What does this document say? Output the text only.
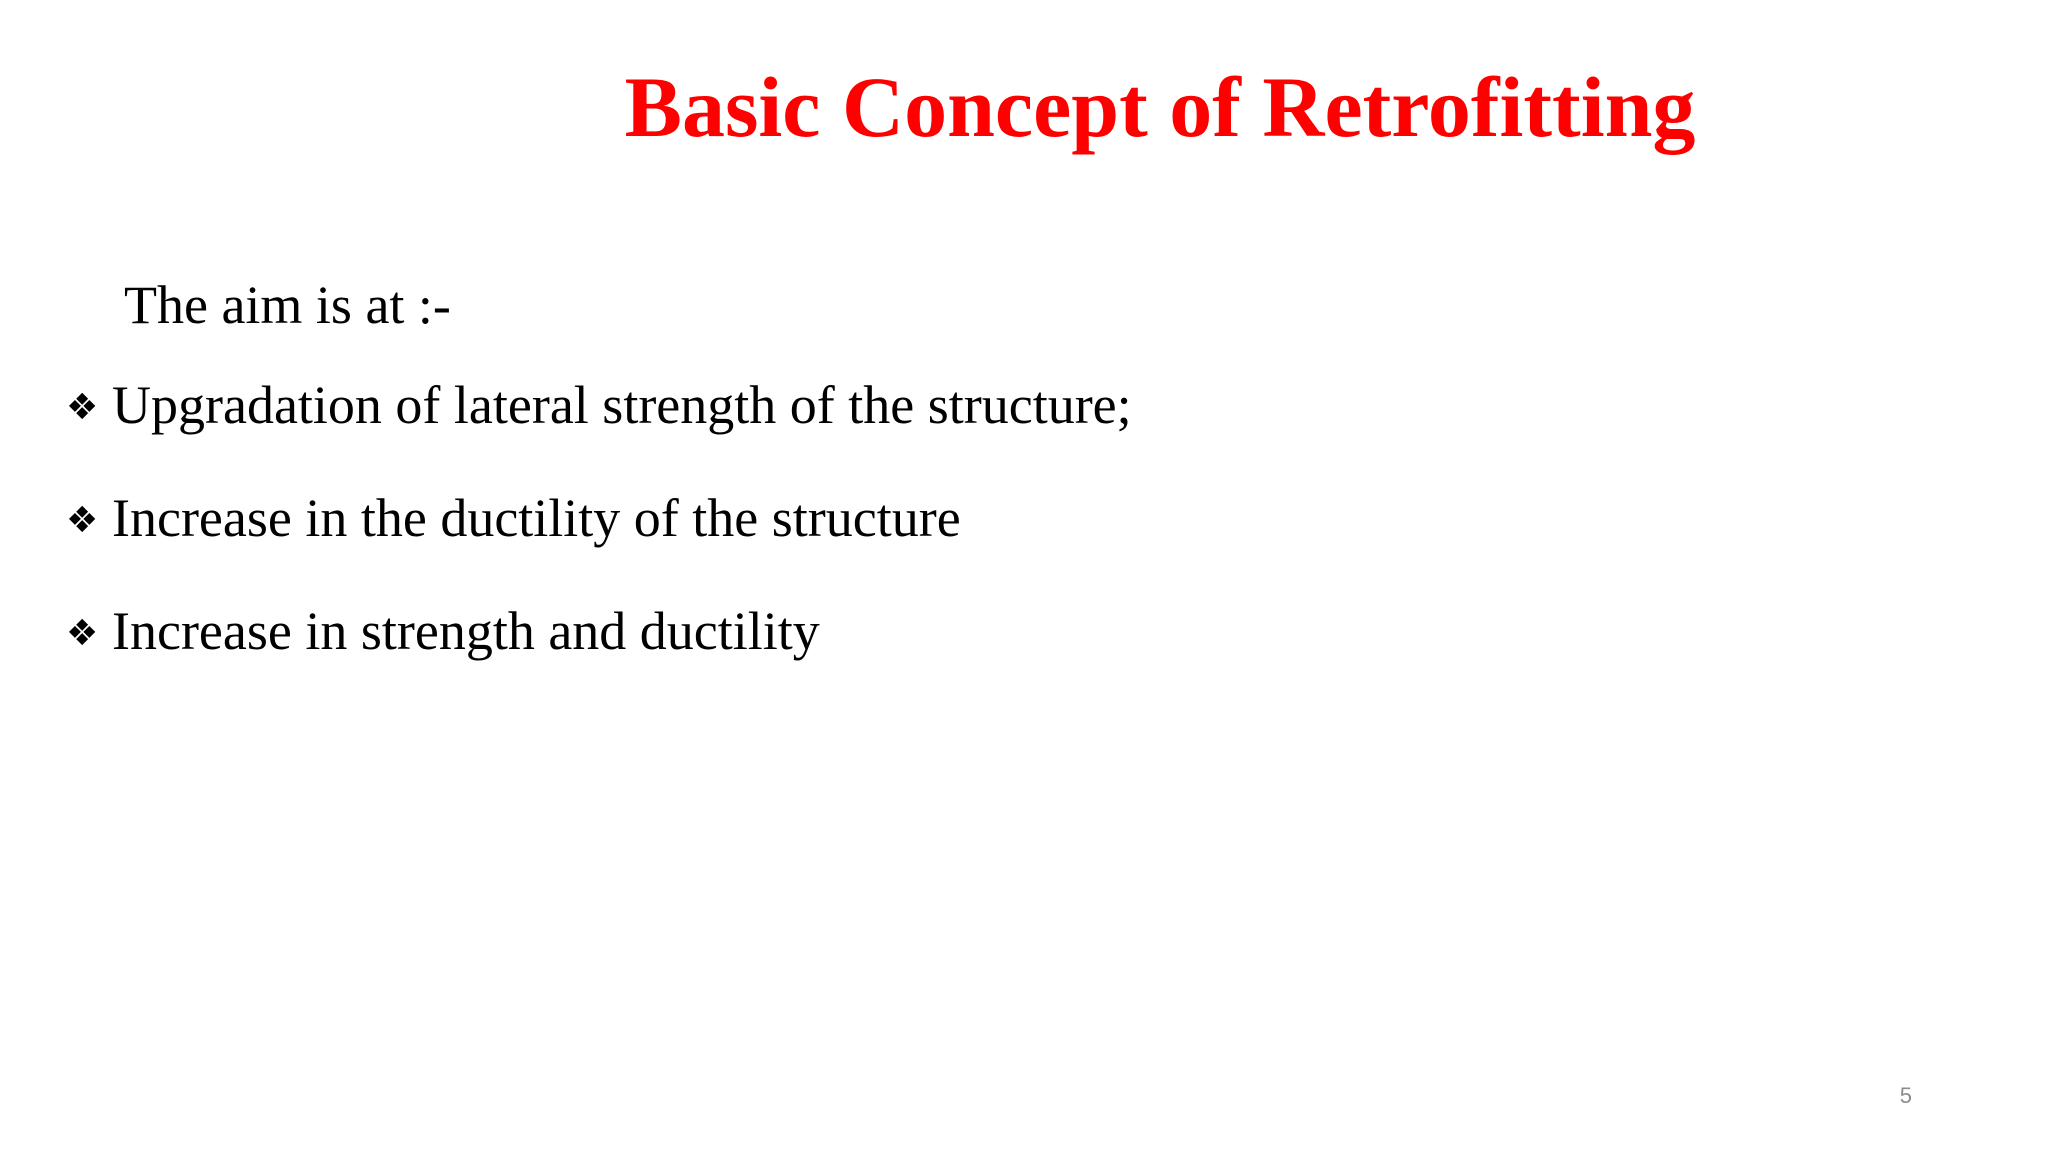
Basic Concept of Retrofitting
The aim is at :-
❖ Upgradation of lateral strength of the structure;
❖ Increase in the ductility of the structure
❖ Increase in strength and ductility
5
